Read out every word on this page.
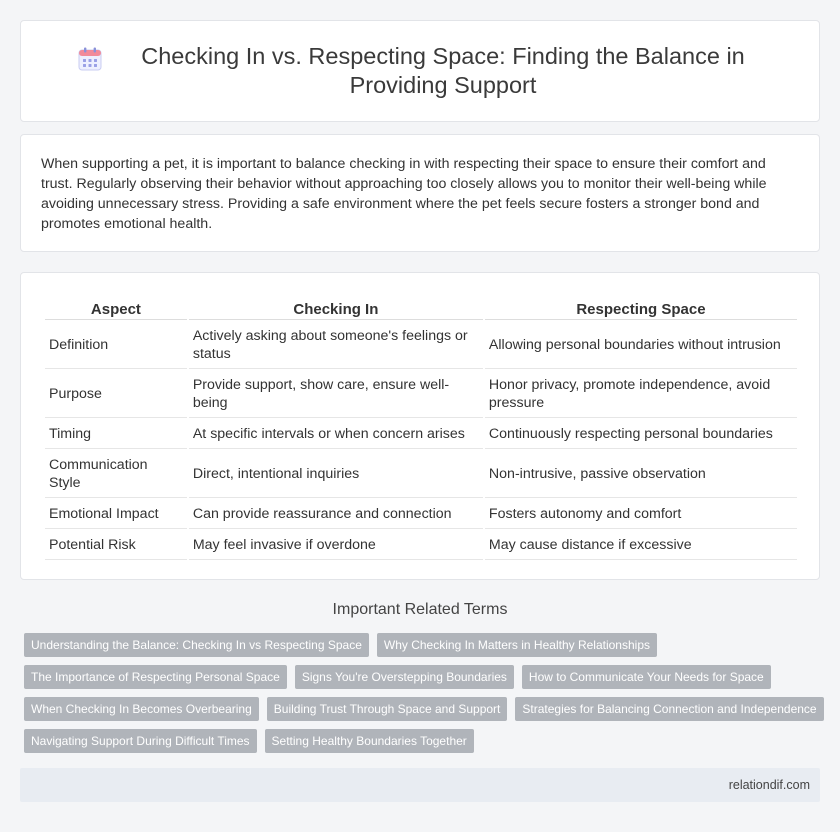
Checking In vs. Respecting Space: Finding the Balance in Providing Support

When supporting a pet, it is important to balance checking in with respecting their space to ensure their comfort and trust. Regularly observing their behavior without approaching too closely allows you to monitor their well-being while avoiding unnecessary stress. Providing a safe environment where the pet feels secure fosters a stronger bond and promotes emotional health.

Aspect	Checking In	Respecting Space
Definition	Actively asking about someone's feelings or status	Allowing personal boundaries without intrusion
Purpose	Provide support, show care, ensure well-being	Honor privacy, promote independence, avoid pressure
Timing	At specific intervals or when concern arises	Continuously respecting personal boundaries
Communication Style	Direct, intentional inquiries	Non-intrusive, passive observation
Emotional Impact	Can provide reassurance and connection	Fosters autonomy and comfort
Potential Risk	May feel invasive if overdone	May cause distance if excessive
Important Related Terms
Understanding the Balance: Checking In vs Respecting Space	Why Checking In Matters in Healthy Relationships
The Importance of Respecting Personal Space	Signs You're Overstepping Boundaries	How to Communicate Your Needs for Space
When Checking In Becomes Overbearing	Building Trust Through Space and Support	Strategies for Balancing Connection and Independence
Navigating Support During Difficult Times	Setting Healthy Boundaries Together
relationdif.com
